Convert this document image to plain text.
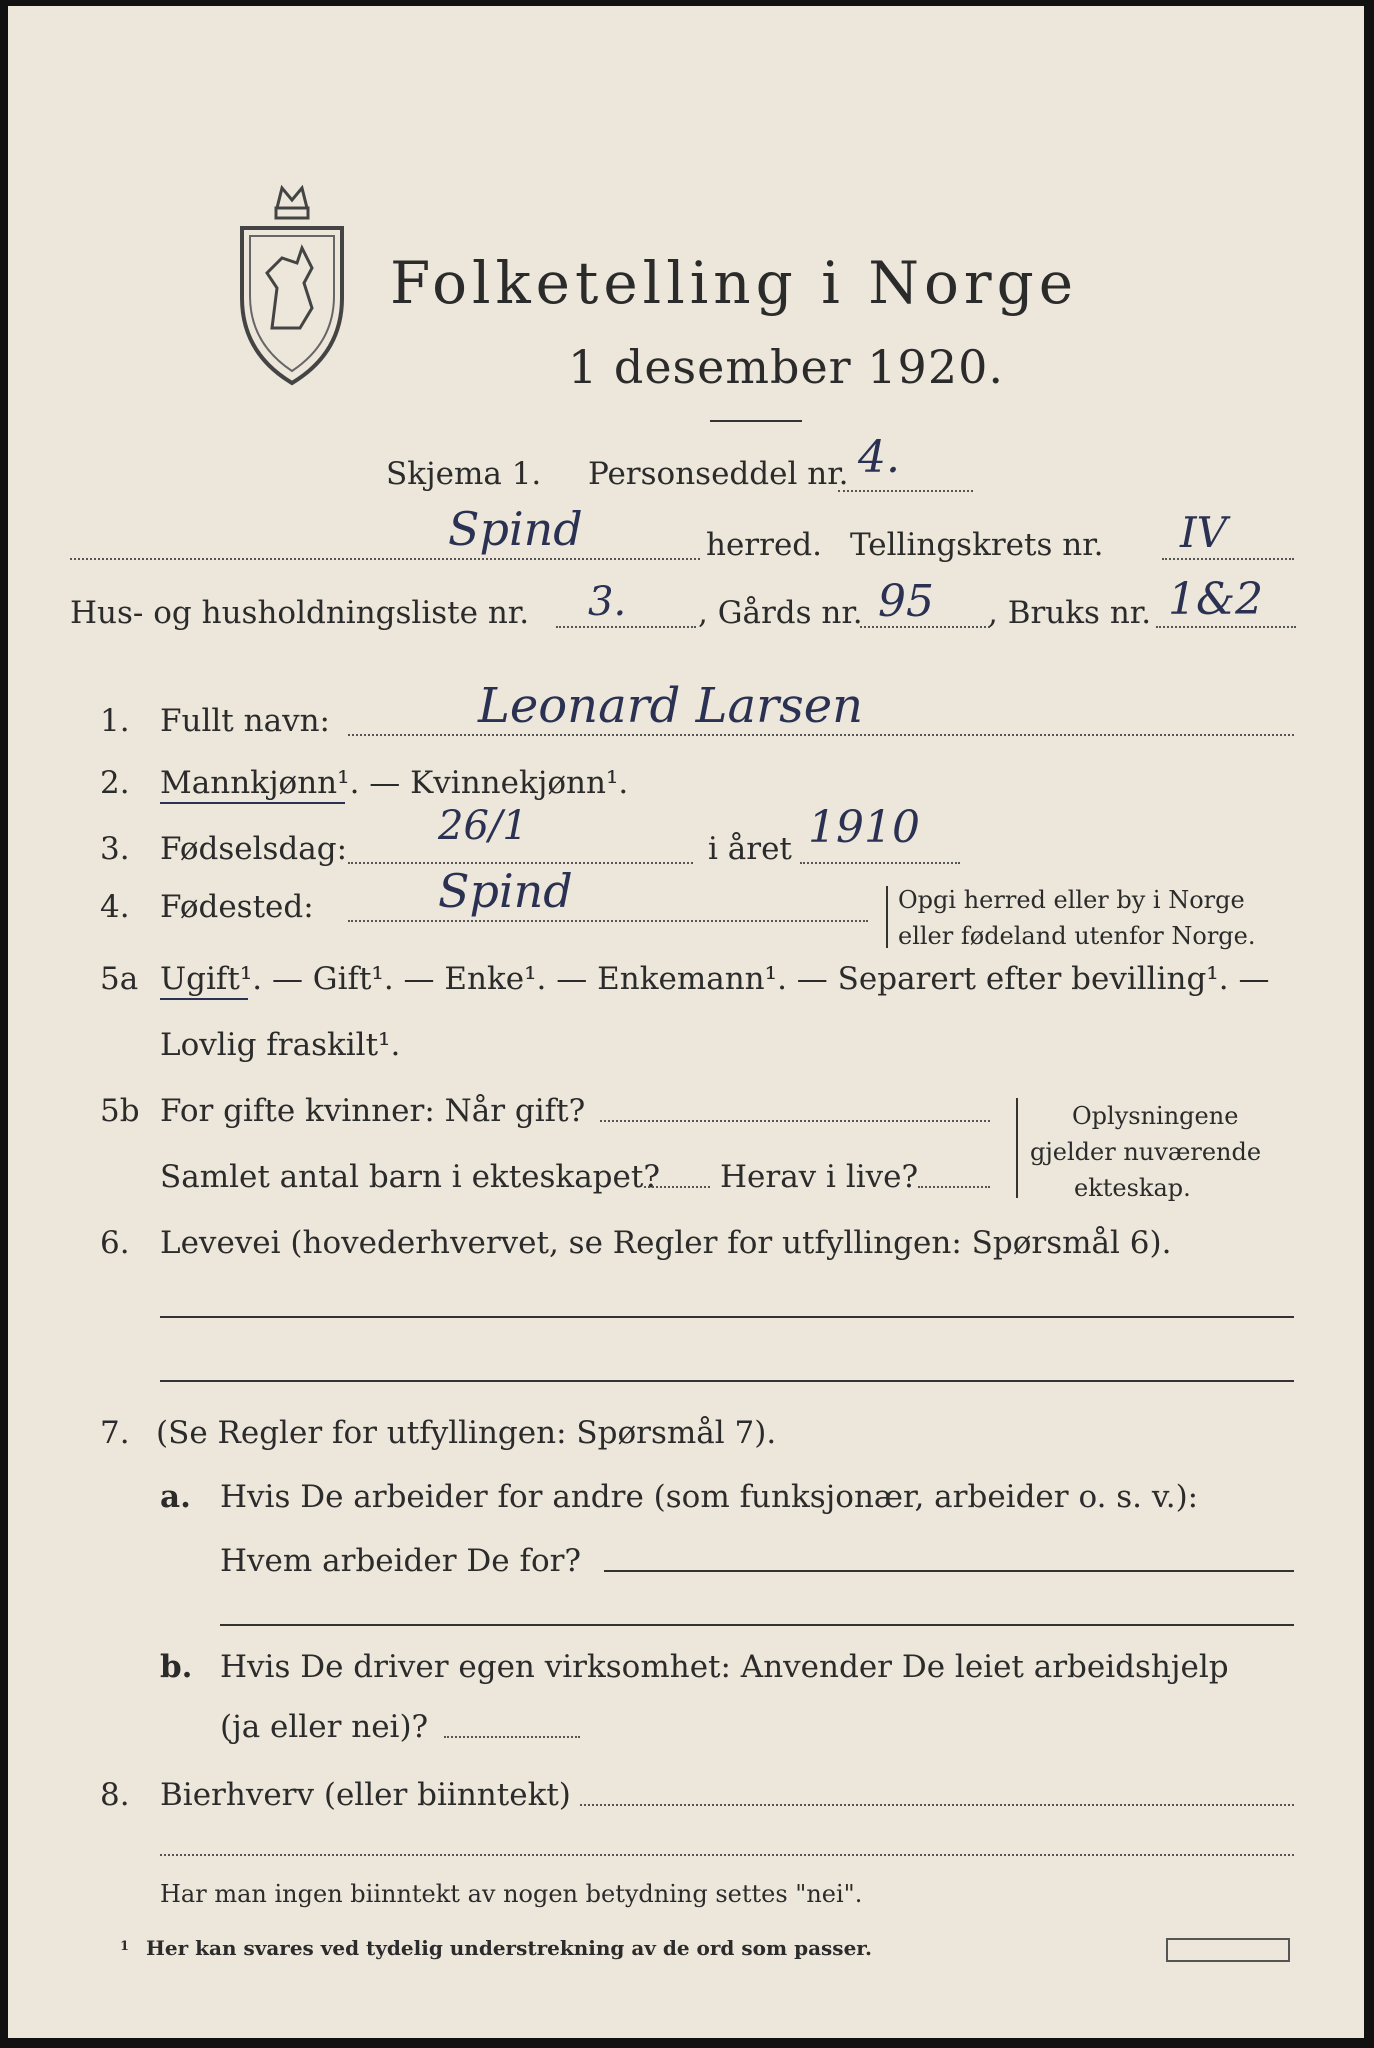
Folketelling i Norge
1 desember 1920.
Skjema 1. Personseddel nr. 4.
Spind	herred. Tellingskrets nr. IV
Hus- og husholdningsliste nr. 3. , Gårds nr. 95 , Bruks nr. 1&2
1. Fullt navn:	Leonard Larsen
2. Mannkjønn¹. — Kvinnekjønn¹.
3. Fødselsdag: 26/1	i året 1910
4. Fødested:	Spind	Opgi herred eller by i Norge
eller fødeland utenfor Norge.
5a Ugift¹. — Gift¹. — Enke¹. — Enkemann¹. — Separert efter bevilling¹. —
Lovlig fraskilt¹.
5b For gifte kvinner: Når gift?
Samlet antal barn i ekteskapet? Herav i live?
Oplysningene
gjelder nuværende
ekteskap.
6. Levevei (hovederhvervet, se Regler for utfyllingen: Spørsmål 6).
7. (Se Regler for utfyllingen: Spørsmål 7).
a. Hvis De arbeider for andre (som funksjonær, arbeider o. s. v.):
Hvem arbeider De for?
b. Hvis De driver egen virksomhet: Anvender De leiet arbeidshjelp
(ja eller nei)?
8. Bierhverv (eller biinntekt)
Har man ingen biinntekt av nogen betydning settes "nei".
1 Her kan svares ved tydelig understrekning av de ord som passer.
